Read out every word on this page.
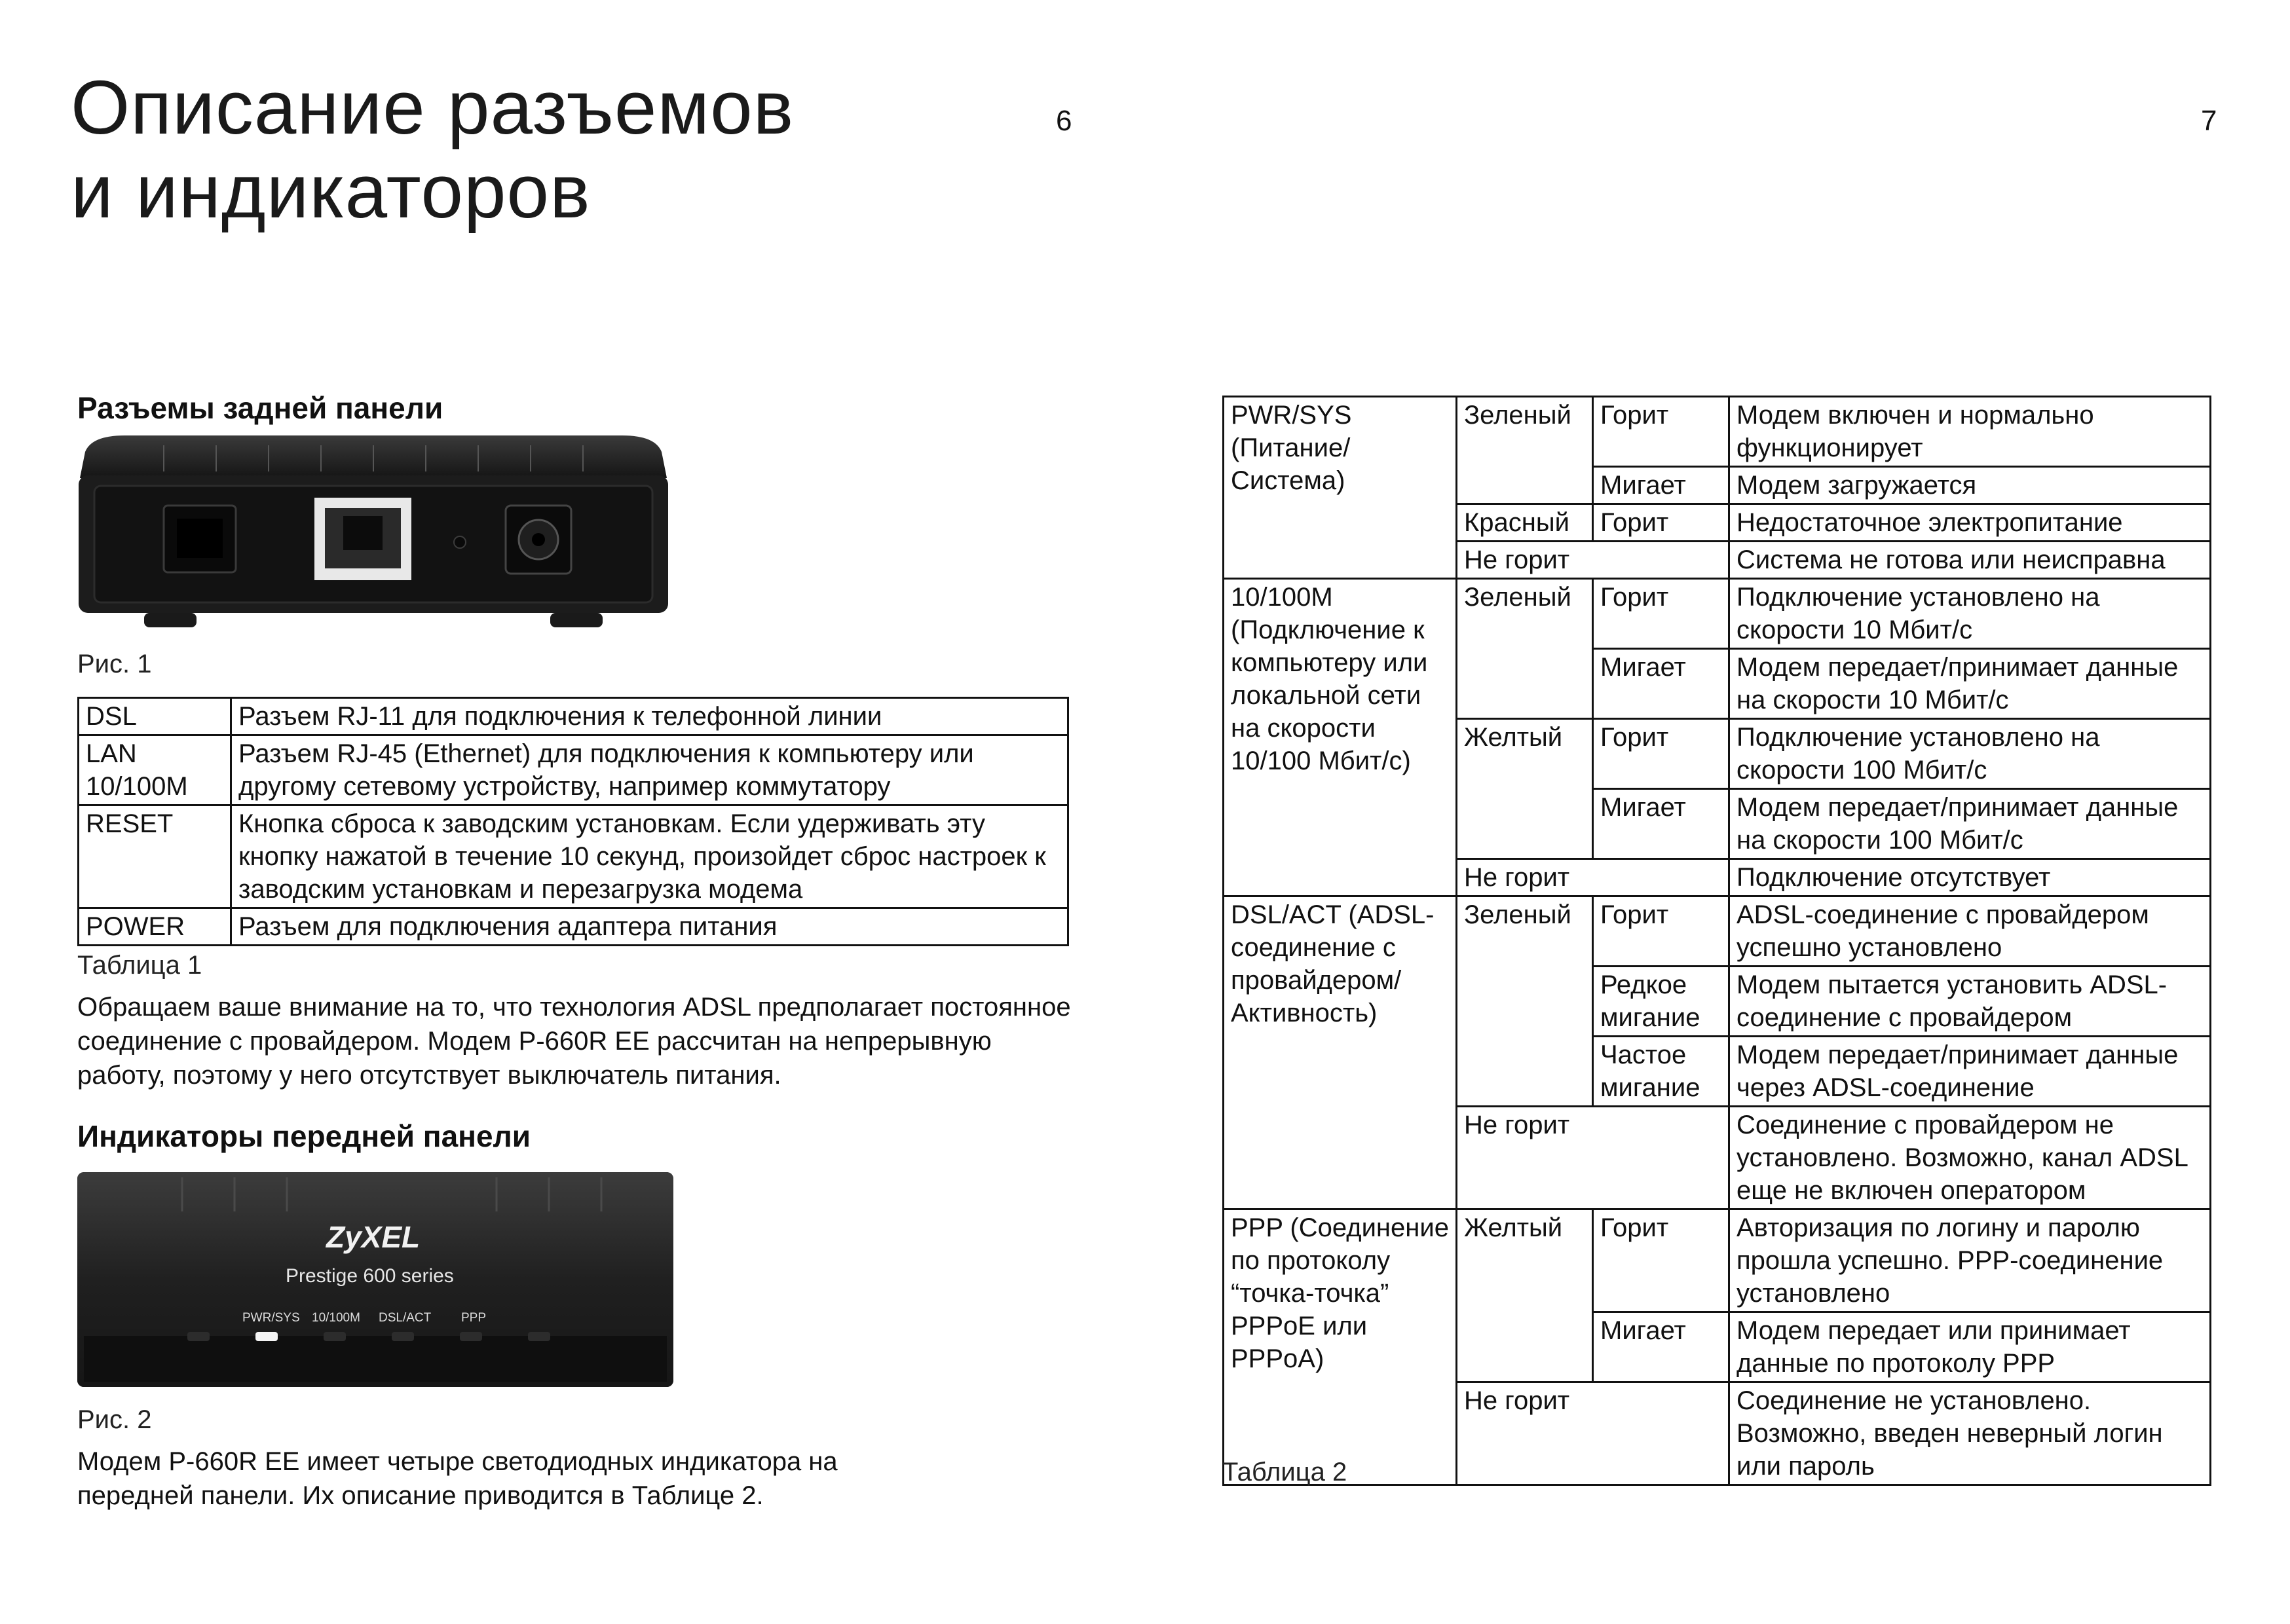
Описание разъемов
и индикаторов
6	7
Разъемы задней панели
Рис. 1
DSL	Разъем RJ-11 для подключения к телефонной линии
LAN 10/100M	Разъем RJ-45 (Ethernet) для подключения к компьютеру или другому сетевому устройству, например коммутатору
RESET	Кнопка сброса к заводским установкам. Если удерживать эту кнопку нажатой в течение 10 секунд, произойдет сброс настроек к заводским установкам и перезагрузка модема
POWER	Разъем для подключения адаптера питания
Таблица 1
Обращаем ваше внимание на то, что технология ADSL предполагает постоянное соединение с провайдером. Модем P-660R EE рассчитан на непрерывную работу, поэтому у него отсутствует выключатель питания.
Индикаторы передней панели
ZyXEL
Prestige 600 series
PWR/SYS 10/100M DSL/ACT PPP
Рис. 2
Модем P-660R EE имеет четыре светодиодных индикатора на передней панели. Их описание приводится в Таблице 2.
PWR/SYS (Питание/ Система)	Зеленый	Горит	Модем включен и нормально функционирует
		Мигает	Модем загружается
	Красный	Горит	Недостаточное электропитание
	Не горит		Система не готова или неисправна
10/100M (Подключение к компьютеру или локальной сети на скорости 10/100 Мбит/с)	Зеленый	Горит	Подключение установлено на скорости 10 Мбит/с
		Мигает	Модем передает/принимает данные на скорости 10 Мбит/с
	Желтый	Горит	Подключение установлено на скорости 100 Мбит/с
		Мигает	Модем передает/принимает данные на скорости 100 Мбит/с
	Не горит		Подключение отсутствует
DSL/ACT (ADSL-соединение с провайдером/ Активность)	Зеленый	Горит	ADSL-соединение с провайдером успешно установлено
		Редкое мигание	Модем пытается установить ADSL-соединение с провайдером
		Частое мигание	Модем передает/принимает данные через ADSL-соединение
	Не горит		Соединение с провайдером не установлено. Возможно, канал ADSL еще не включен оператором
PPP (Соединение по протоколу “точка-точка” PPPoE или PPPoA)	Желтый	Горит	Авторизация по логину и паролю прошла успешно. PPP-соединение установлено
		Мигает	Модем передает или принимает данные по протоколу PPP
	Не горит		Соединение не установлено. Возможно, введен неверный логин или пароль
Таблица 2
